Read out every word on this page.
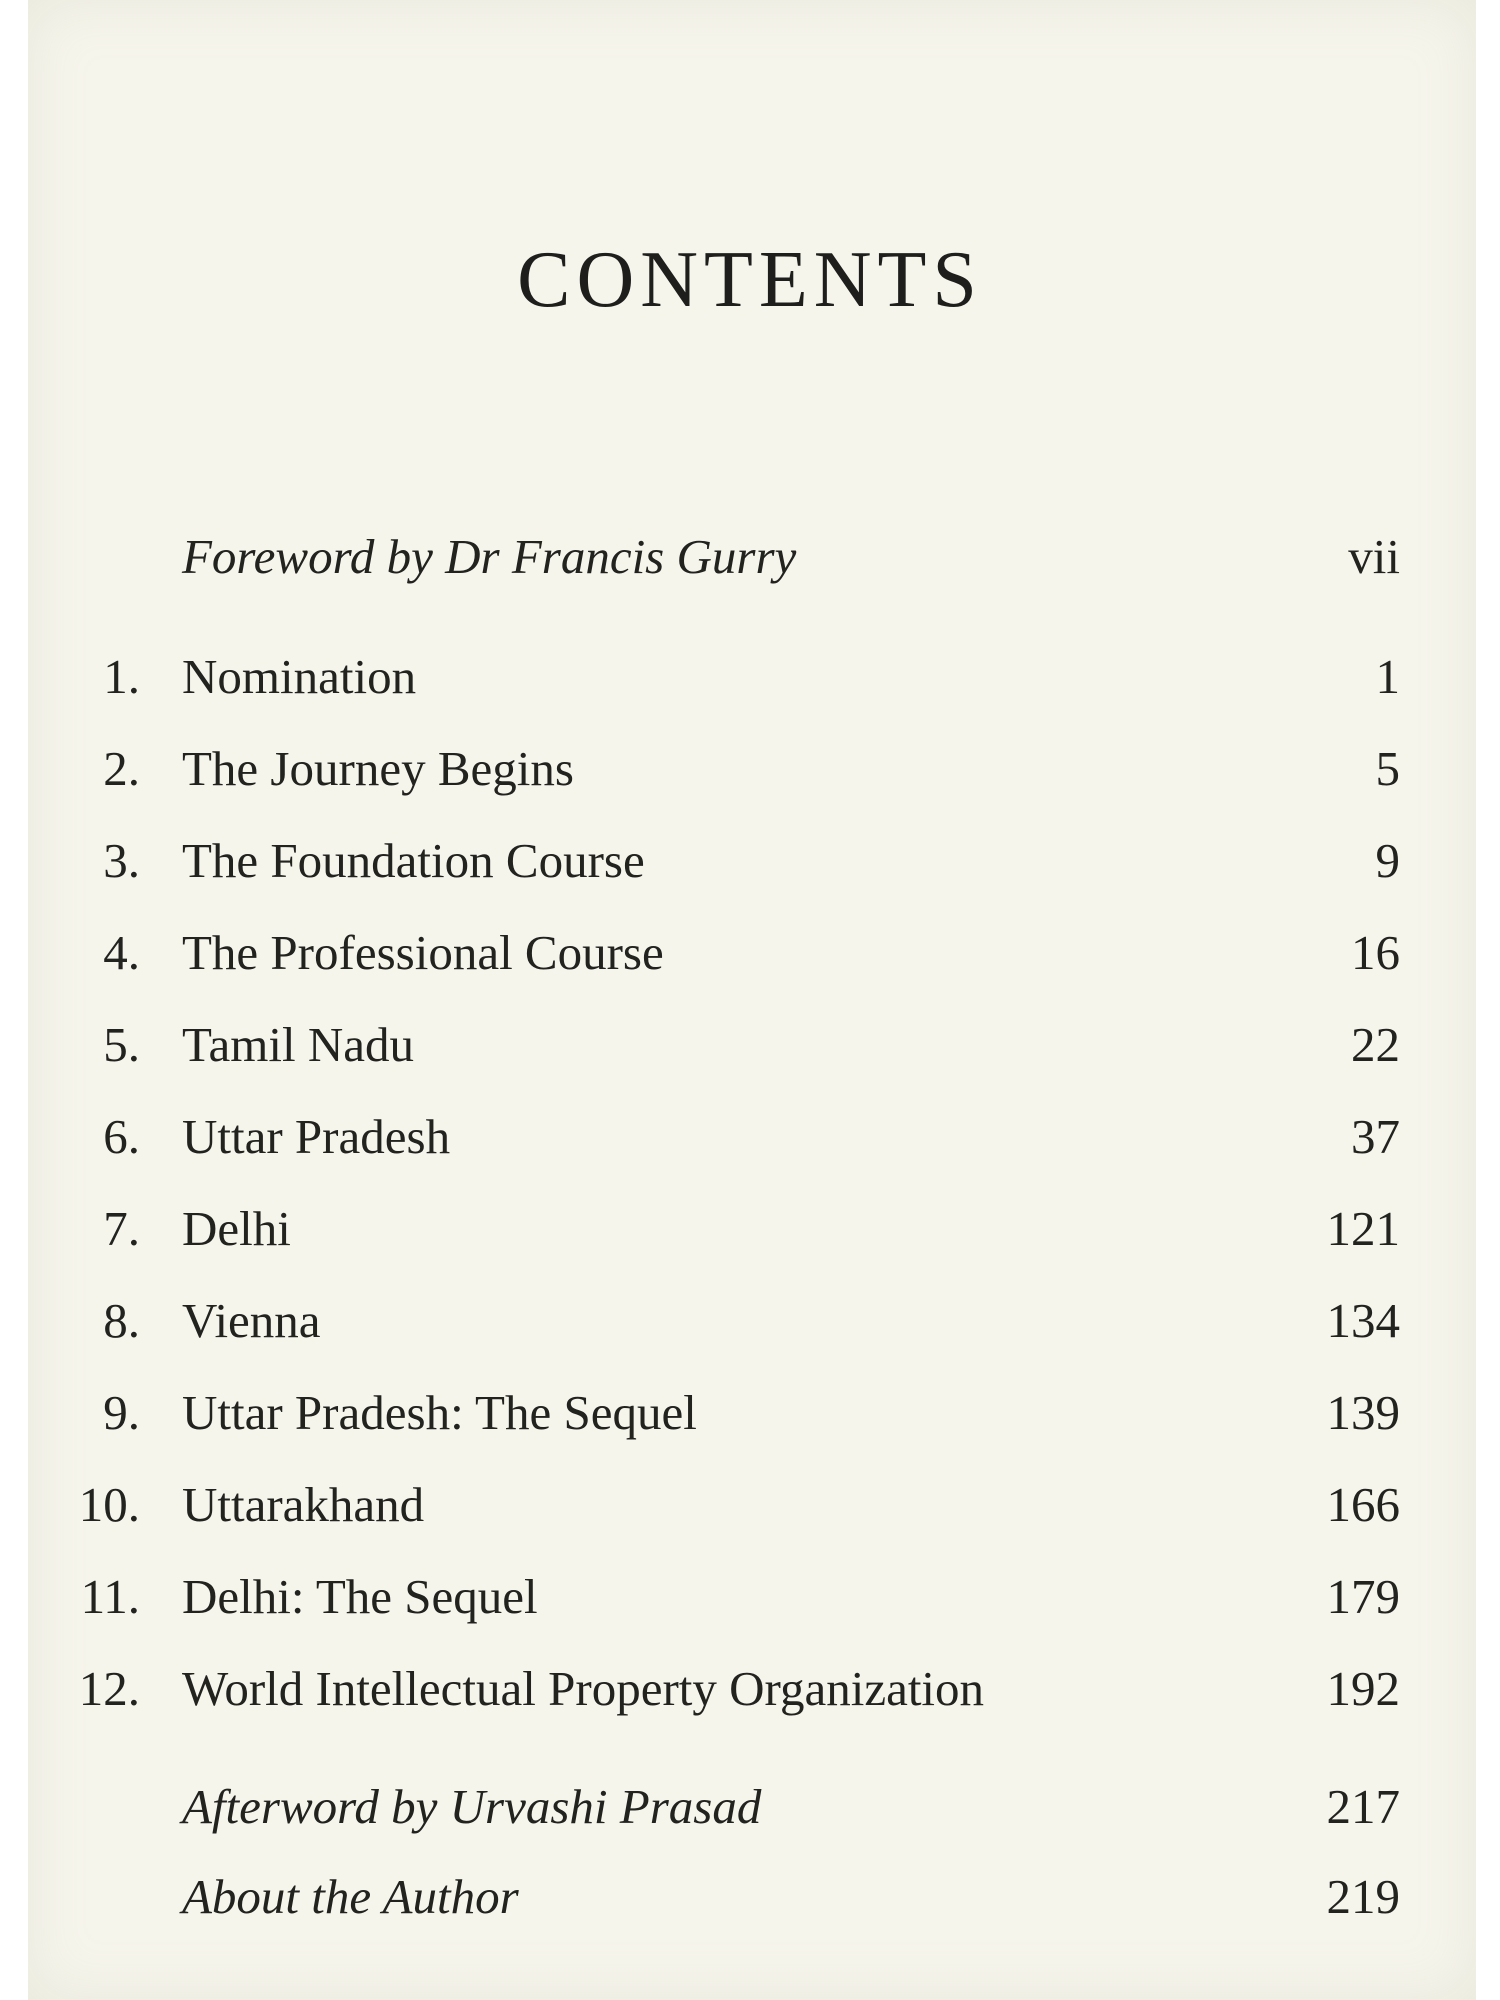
CONTENTS
Foreword by Dr Francis Gurry	vii
1. Nomination	1
2. The Journey Begins	5
3. The Foundation Course	9
4. The Professional Course	16
5. Tamil Nadu	22
6. Uttar Pradesh	37
7. Delhi	121
8. Vienna	134
9. Uttar Pradesh: The Sequel	139
10. Uttarakhand	166
11. Delhi: The Sequel	179
12. World Intellectual Property Organization	192
Afterword by Urvashi Prasad	217
About the Author	219
